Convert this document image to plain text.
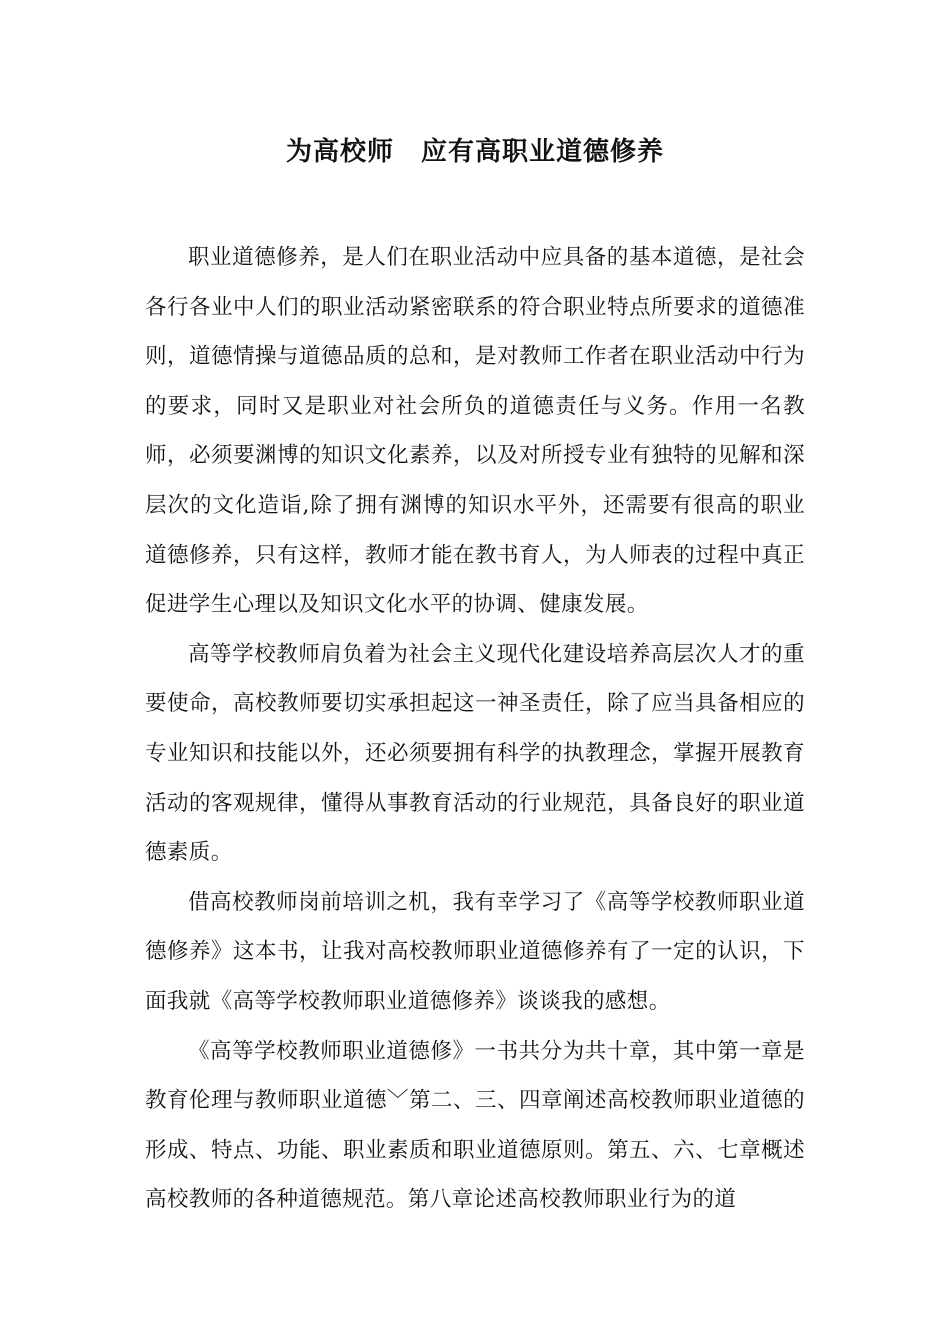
为高校师　应有高职业道德修养

职业道德修养，是人们在职业活动中应具备的基本道德，是社会各行各业中人们的职业活动紧密联系的符合职业特点所要求的道德准则，道德情操与道德品质的总和，是对教师工作者在职业活动中行为的要求，同时又是职业对社会所负的道德责任与义务。作用一名教师，必须要渊博的知识文化素养，以及对所授专业有独特的见解和深层次的文化造诣,除了拥有渊博的知识水平外，还需要有很高的职业道德修养，只有这样，教师才能在教书育人，为人师表的过程中真正促进学生心理以及知识文化水平的协调、健康发展。

高等学校教师肩负着为社会主义现代化建设培养高层次人才的重要使命，高校教师要切实承担起这一神圣责任，除了应当具备相应的专业知识和技能以外，还必须要拥有科学的执教理念，掌握开展教育活动的客观规律，懂得从事教育活动的行业规范，具备良好的职业道德素质。

借高校教师岗前培训之机，我有幸学习了《高等学校教师职业道德修养》这本书，让我对高校教师职业道德修养有了一定的认识，下面我就《高等学校教师职业道德修养》谈谈我的感想。

《高等学校教师职业道德修》一书共分为共十章，其中第一章是教育伦理与教师职业道德﹀第二、三、四章阐述高校教师职业道德的形成、特点、功能、职业素质和职业道德原则。第五、六、七章概述高校教师的各种道德规范。第八章论述高校教师职业行为的道
